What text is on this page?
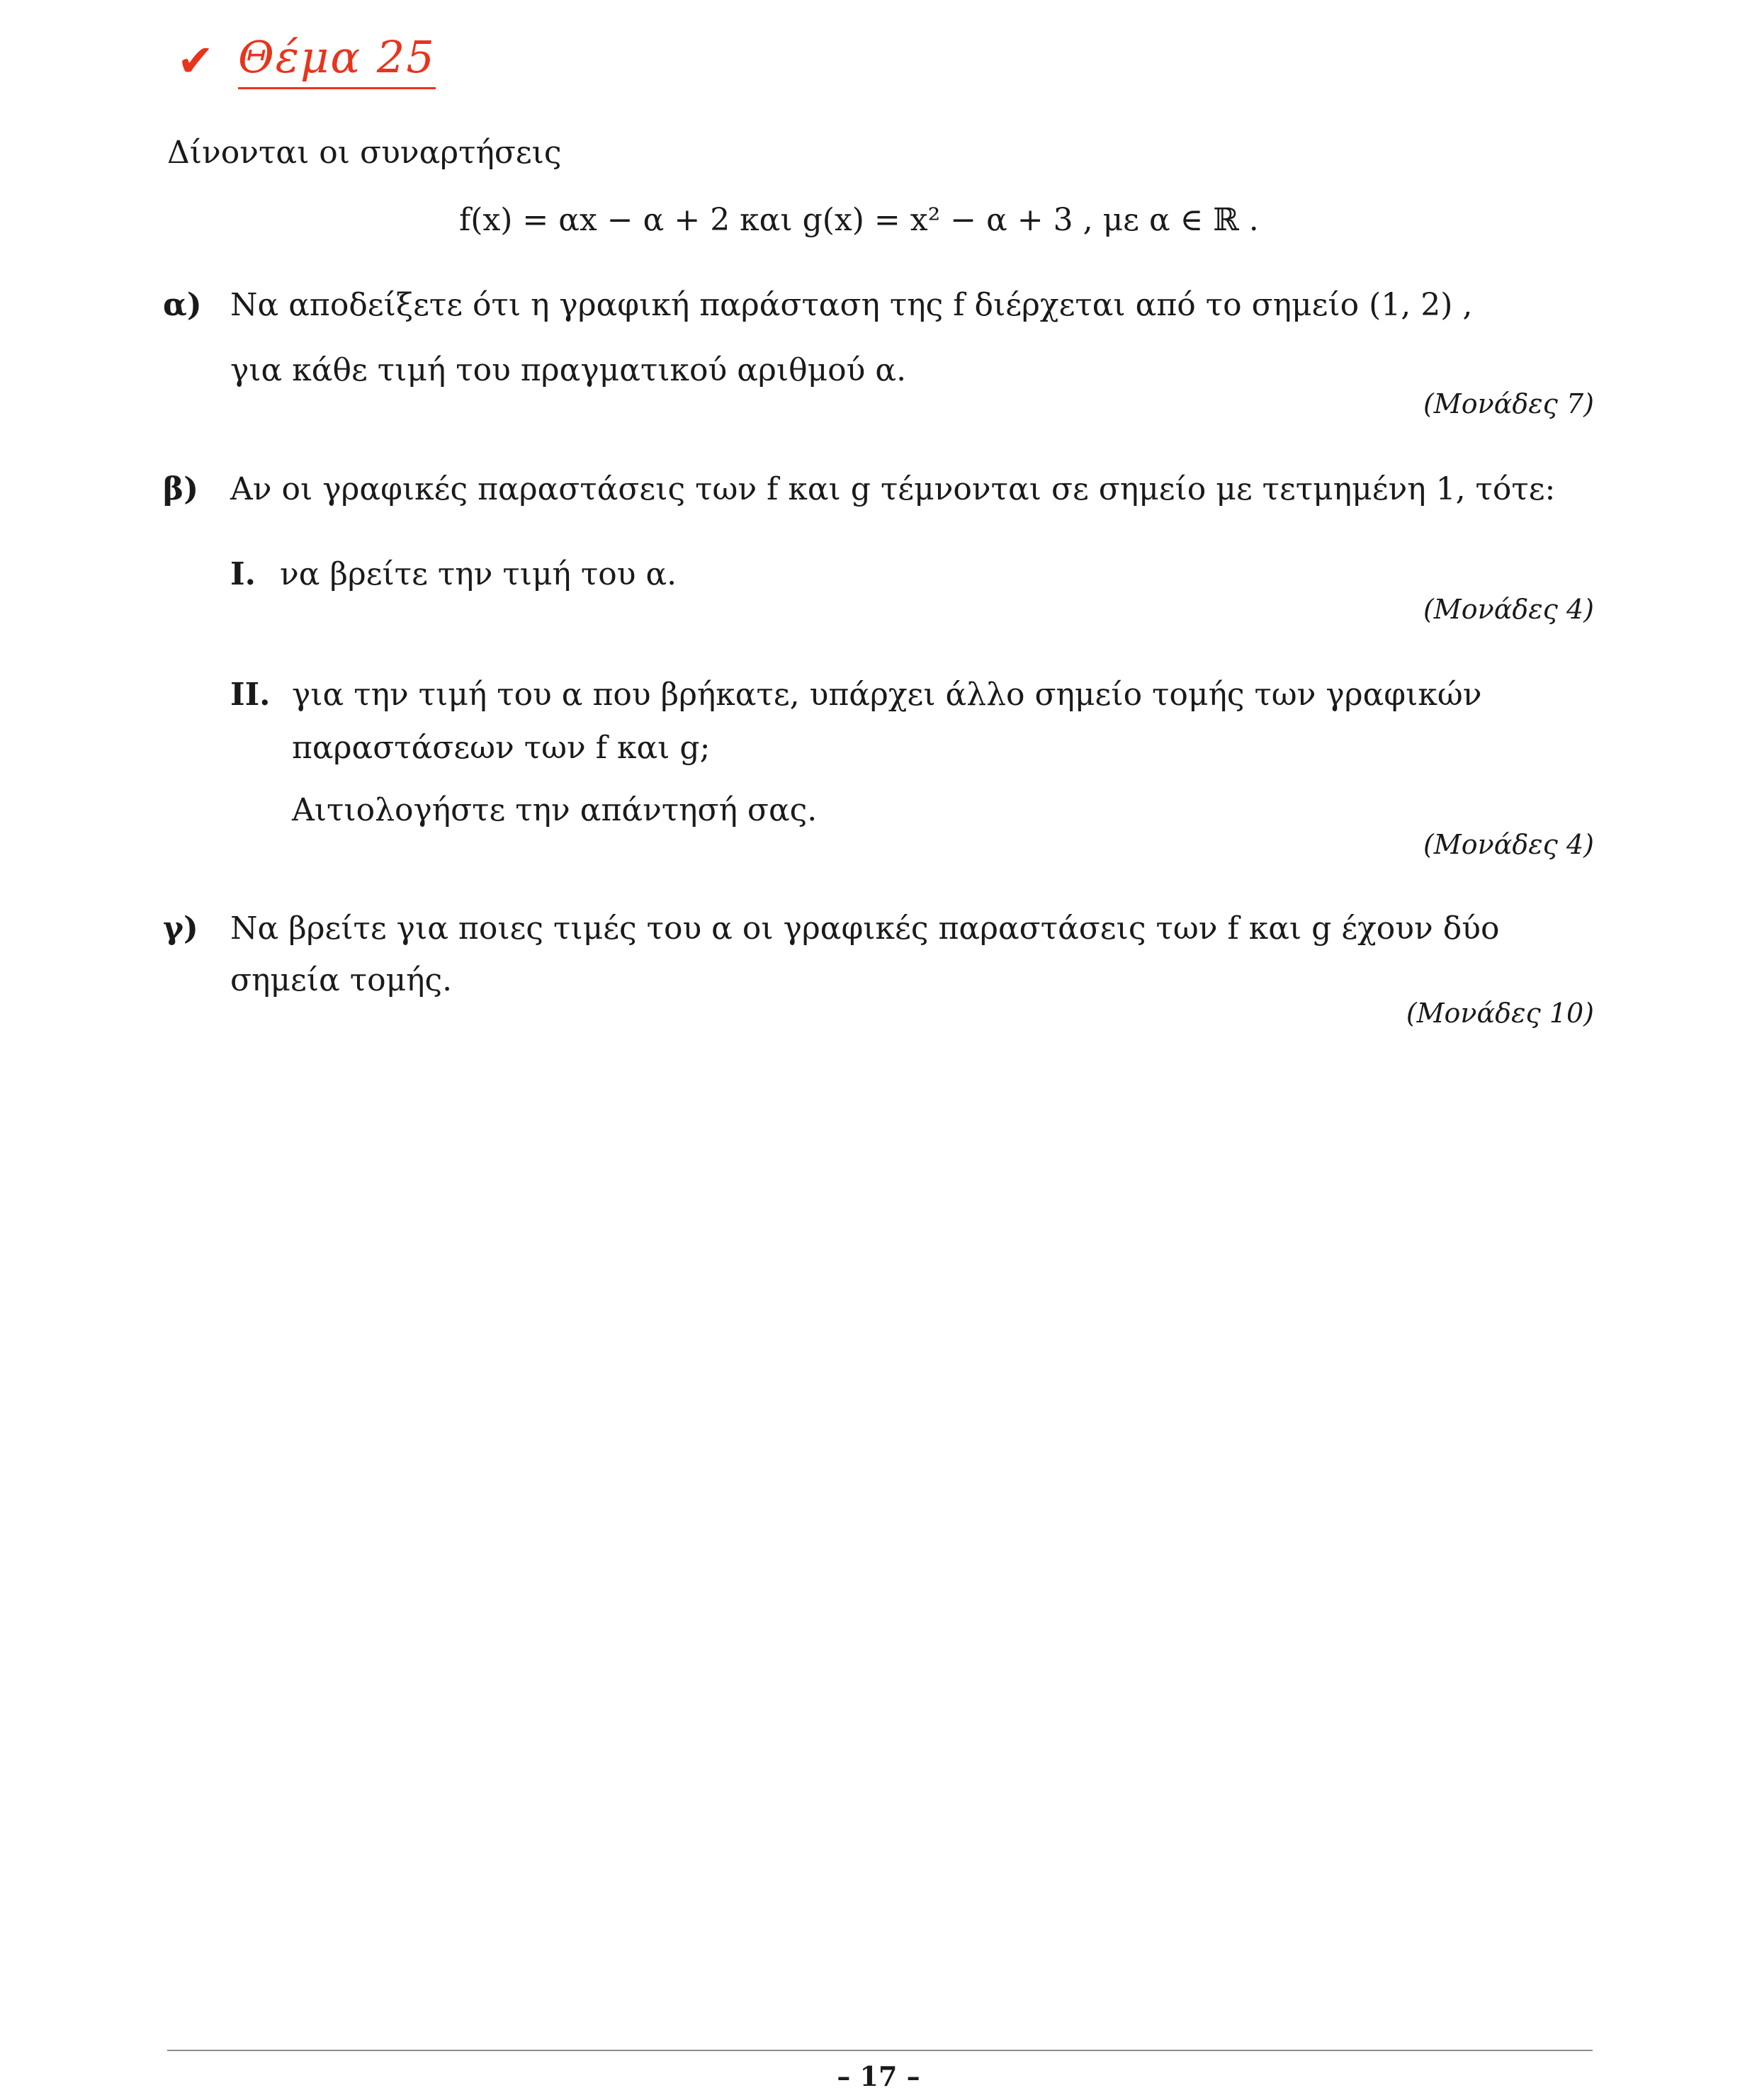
✔ Θέμα 25
Δίνονται οι συναρτήσεις
f(x) = αx − α + 2 και g(x) = x² − α + 3 , με α ∈ ℝ .
α) Να αποδείξετε ότι η γραφική παράσταση της f διέρχεται από το σημείο (1, 2) ,
για κάθε τιμή του πραγματικού αριθμού α.
(Μονάδες 7)
β) Αν οι γραφικές παραστάσεις των f και g τέμνονται σε σημείο με τετμημένη 1, τότε:
Ι. να βρείτε την τιμή του α.
(Μονάδες 4)
ΙΙ. για την τιμή του α που βρήκατε, υπάρχει άλλο σημείο τομής των γραφικών
παραστάσεων των f και g;
Αιτιολογήστε την απάντησή σας.
(Μονάδες 4)
γ) Να βρείτε για ποιες τιμές του α οι γραφικές παραστάσεις των f και g έχουν δύο
σημεία τομής.
(Μονάδες 10)
– 17 –
